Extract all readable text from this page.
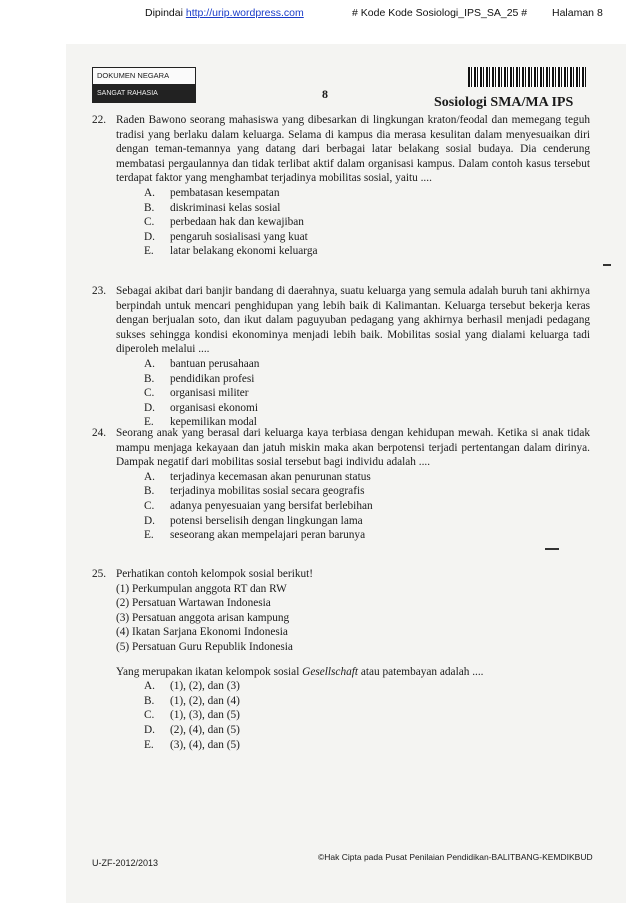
Dipindai http://urip.wordpress.com	# Kode Kode Sosiologi_IPS_SA_25 # Halaman 8
DOKUMEN NEGARA
SANGAT RAHASIA	8
Sosiologi SMA/MA IPS
22. Raden Bawono seorang mahasiswa yang dibesarkan di lingkungan kraton/feodal dan memegang teguh tradisi yang berlaku dalam keluarga. Selama di kampus dia merasa kesulitan dalam menyesuaikan diri dengan teman-temannya yang datang dari berbagai latar belakang sosial budaya. Dia cenderung membatasi pergaulannya dan tidak terlibat aktif dalam organisasi kampus. Dalam contoh kasus tersebut terdapat faktor yang menghambat terjadinya mobilitas sosial, yaitu ....
A.	pembatasan kesempatan
B.	diskriminasi kelas sosial
C.	perbedaan hak dan kewajiban
D.	pengaruh sosialisasi yang kuat
E.	latar belakang ekonomi keluarga
23. Sebagai akibat dari banjir bandang di daerahnya, suatu keluarga yang semula adalah buruh tani akhirnya berpindah untuk mencari penghidupan yang lebih baik di Kalimantan. Keluarga tersebut bekerja keras dengan berjualan soto, dan ikut dalam paguyuban pedagang yang akhirnya berhasil menjadi pedagang sukses sehingga kondisi ekonominya menjadi lebih baik. Mobilitas sosial yang dialami keluarga tadi diperoleh melalui ....
A.	bantuan perusahaan
B.	pendidikan profesi
C.	organisasi militer
D.	organisasi ekonomi
E.	kepemilikan modal
24. Seorang anak yang berasal dari keluarga kaya terbiasa dengan kehidupan mewah. Ketika si anak tidak mampu menjaga kekayaan dan jatuh miskin maka akan berpotensi terjadi pertentangan dalam dirinya. Dampak negatif dari mobilitas sosial tersebut bagi individu adalah ....
A.	terjadinya kecemasan akan penurunan status
B.	terjadinya mobilitas sosial secara geografis
C.	adanya penyesuaian yang bersifat berlebihan
D.	potensi berselisih dengan lingkungan lama
E.	seseorang akan mempelajari peran barunya
25. Perhatikan contoh kelompok sosial berikut!
(1) Perkumpulan anggota RT dan RW
(2) Persatuan Wartawan Indonesia
(3) Persatuan anggota arisan kampung
(4) Ikatan Sarjana Ekonomi Indonesia
(5) Persatuan Guru Republik Indonesia
Yang merupakan ikatan kelompok sosial Gesellschaft atau patembayan adalah ....
A.	(1), (2), dan (3)
B.	(1), (2), dan (4)
C.	(1), (3), dan (5)
D.	(2), (4), dan (5)
E.	(3), (4), dan (5)
U-ZF-2012/2013
©Hak Cipta pada Pusat Penilaian Pendidikan-BALITBANG-KEMDIKBUD
